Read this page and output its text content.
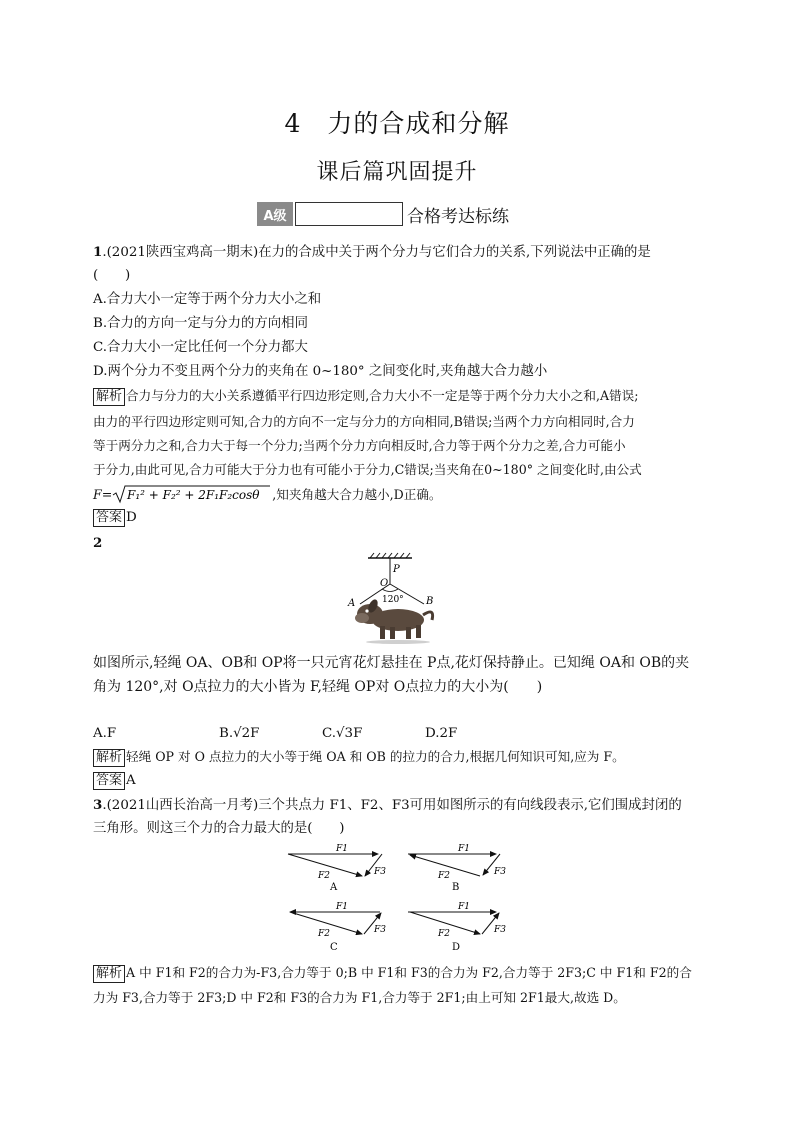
4　力的合成和分解
课后篇巩固提升
A级	合格考达标练
1.(2021陕西宝鸡高一期末)在力的合成中关于两个分力与它们合力的关系,下列说法中正确的是
(　　)
A.合力大小一定等于两个分力大小之和
B.合力的方向一定与分力的方向相同
C.合力大小一定比任何一个分力都大
D.两个分力不变且两个分力的夹角在 0~180° 之间变化时,夹角越大合力越小
解析 合力与分力的大小关系遵循平行四边形定则,合力大小不一定是等于两个分力大小之和,A错误;
由力的平行四边形定则可知,合力的方向不一定与分力的方向相同,B错误;当两个力方向相同时,合力
等于两分力之和,合力大于每一个分力;当两个分力方向相反时,合力等于两个分力之差,合力可能小
于分力,由此可见,合力可能大于分力也有可能小于分力,C错误;当夹角在0~180° 之间变化时,由公式
F= F₁² + F₂² + 2F₁F₂cosθ ,知夹角越大合力越小,D正确。
答案 D
2
P
O
120°
A	B
如图所示,轻绳 OA、OB和 OP将一只元宵花灯悬挂在 P点,花灯保持静止。已知绳 OA和 OB的夹
角为 120°,对 O点拉力的大小皆为 F,轻绳 OP对 O点拉力的大小为(　　)
A.F	B.√2F	C.√3F	D.2F
解析 轻绳 OP 对 O 点拉力的大小等于绳 OA 和 OB 的拉力的合力,根据几何知识可知,应为 F。
答案 A
3.(2021山西长治高一月考)三个共点力 F1、F2、F3可用如图所示的有向线段表示,它们围成封闭的
三角形。则这三个力的合力最大的是(　　)
F1
F2	F3
A
F1
F2	F3
B
F1
F2	F3
C
F1
F2	F3
D
解析 A 中 F1和 F2的合力为-F3,合力等于 0;B 中 F1和 F3的合力为 F2,合力等于 2F3;C 中 F1和 F2的合
力为 F3,合力等于 2F3;D 中 F2和 F3的合力为 F1,合力等于 2F1;由上可知 2F1最大,故选 D。
